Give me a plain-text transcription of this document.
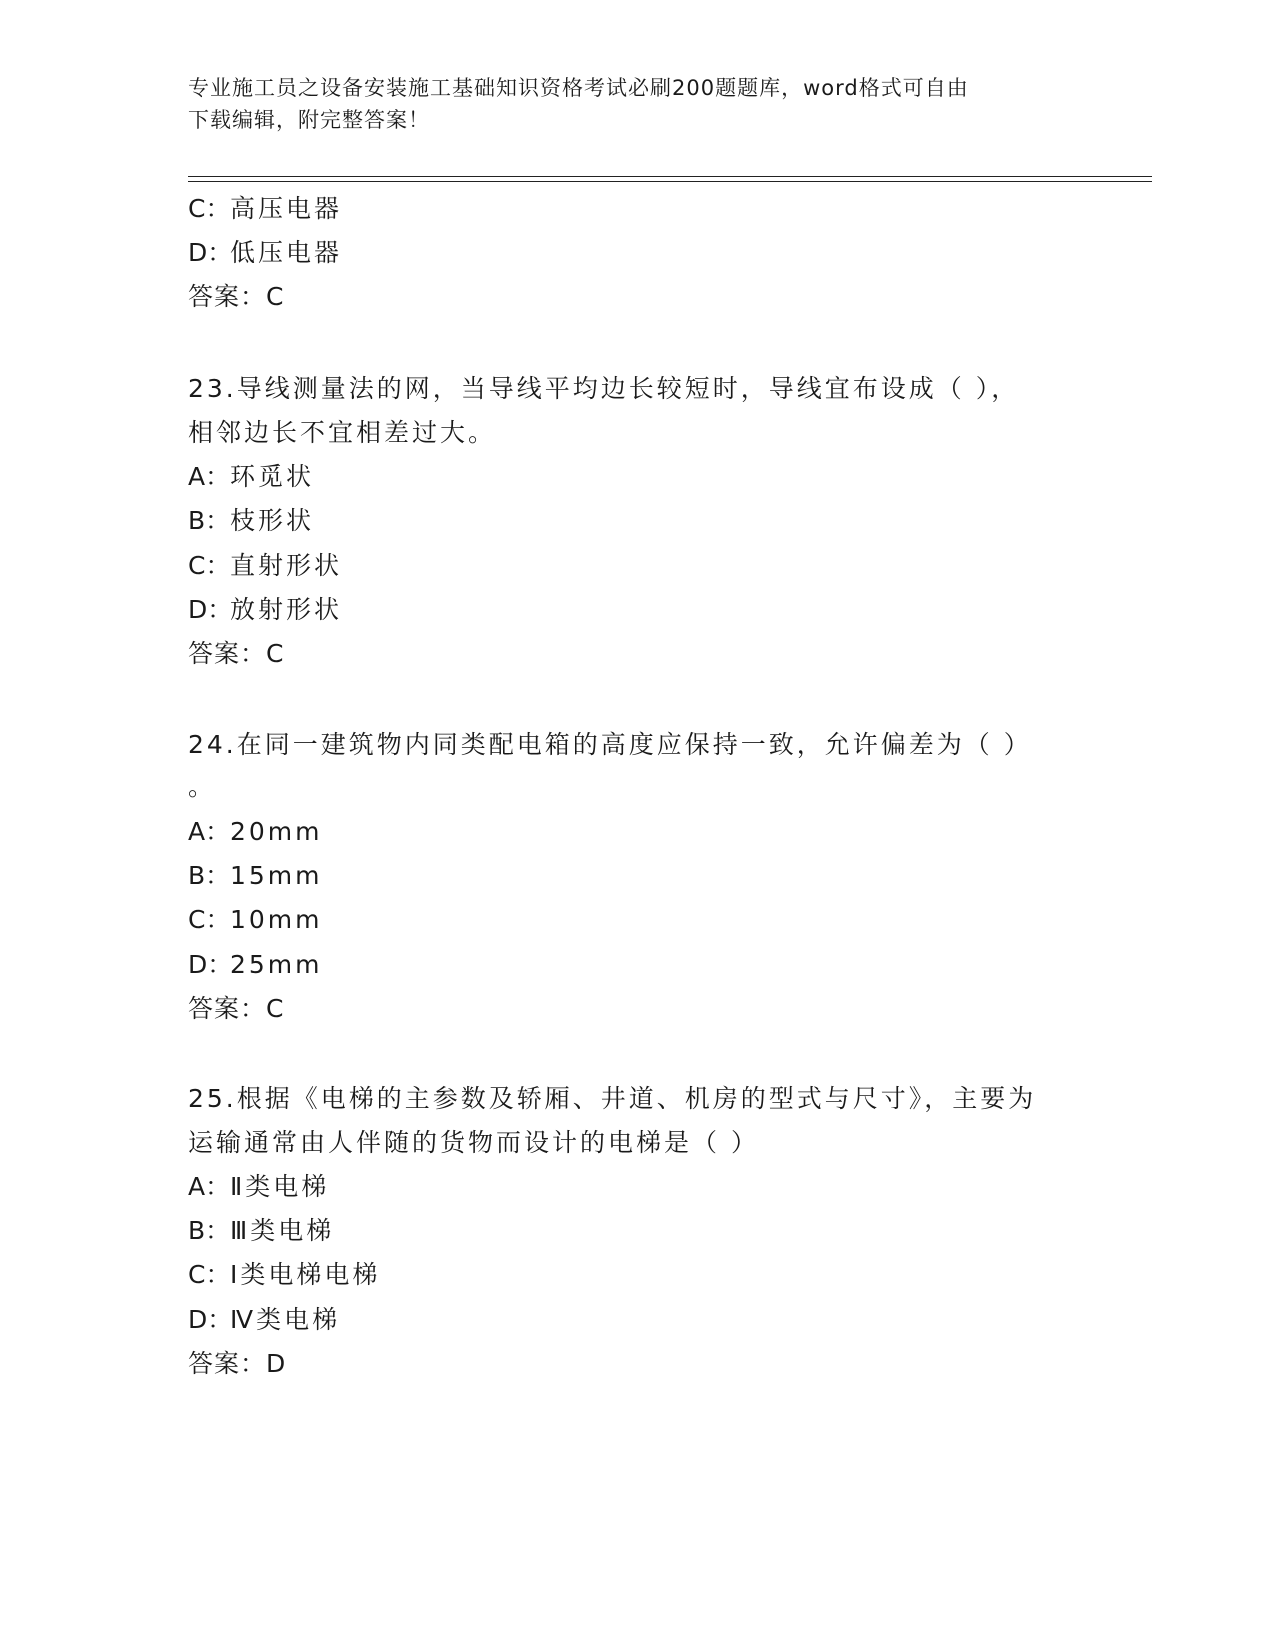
专业施工员之设备安装施工基础知识资格考试必刷200题题库，word格式可自由
下载编辑，附完整答案！
C：高压电器
D：低压电器
答案：C
23.导线测量法的网，当导线平均边长较短时，导线宜布设成（ ），
相邻边长不宜相差过大。
A：环觅状
B：枝形状
C：直射形状
D：放射形状
答案：C
24.在同一建筑物内同类配电箱的高度应保持一致，允许偏差为（ ）
。
A：20mm
B：15mm
C：10mm
D：25mm
答案：C
25.根据《电梯的主参数及轿厢、井道、机房的型式与尺寸》，主要为
运输通常由人伴随的货物而设计的电梯是（ ）
A：Ⅱ类电梯
B：Ⅲ类电梯
C：Ⅰ类电梯电梯
D：Ⅳ类电梯
答案：D
